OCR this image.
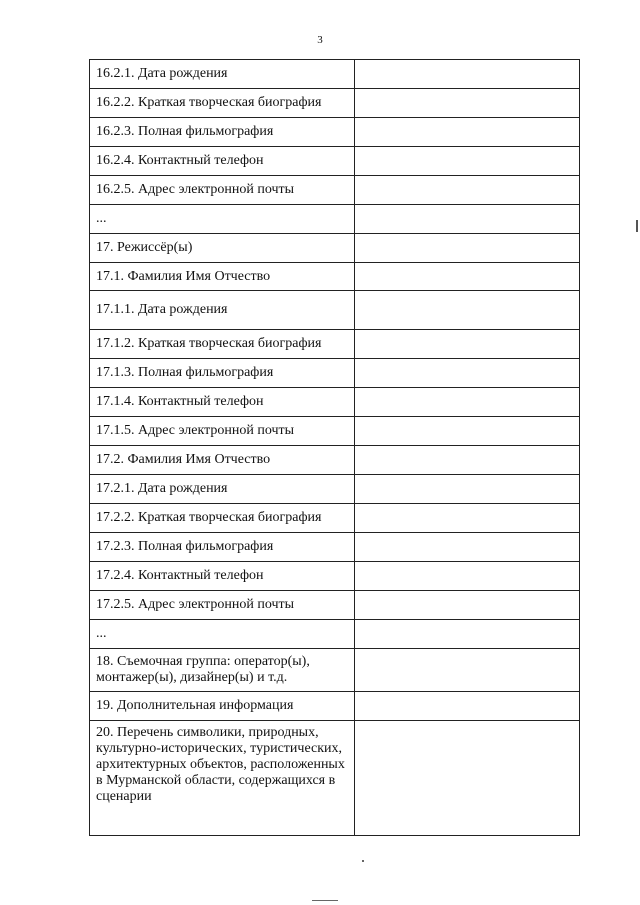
3
16.2.1. Дата рождения	
16.2.2. Краткая творческая биография	
16.2.3. Полная фильмография	
16.2.4. Контактный телефон	
16.2.5. Адрес электронной почты	
...	
17. Режиссёр(ы)	
17.1. Фамилия Имя Отчество	
17.1.1. Дата рождения	
17.1.2. Краткая творческая биография	
17.1.3. Полная фильмография	
17.1.4. Контактный телефон	
17.1.5. Адрес электронной почты	
17.2. Фамилия Имя Отчество	
17.2.1. Дата рождения	
17.2.2. Краткая творческая биография	
17.2.3. Полная фильмография	
17.2.4. Контактный телефон	
17.2.5. Адрес электронной почты	
...	
18. Съемочная группа: оператор(ы), монтажер(ы), дизайнер(ы) и т.д.	
19. Дополнительная информация	
20. Перечень символики, природных, культурно-исторических, туристических, архитектурных объектов, расположенных в Мурманской области, содержащихся в сценарии	
